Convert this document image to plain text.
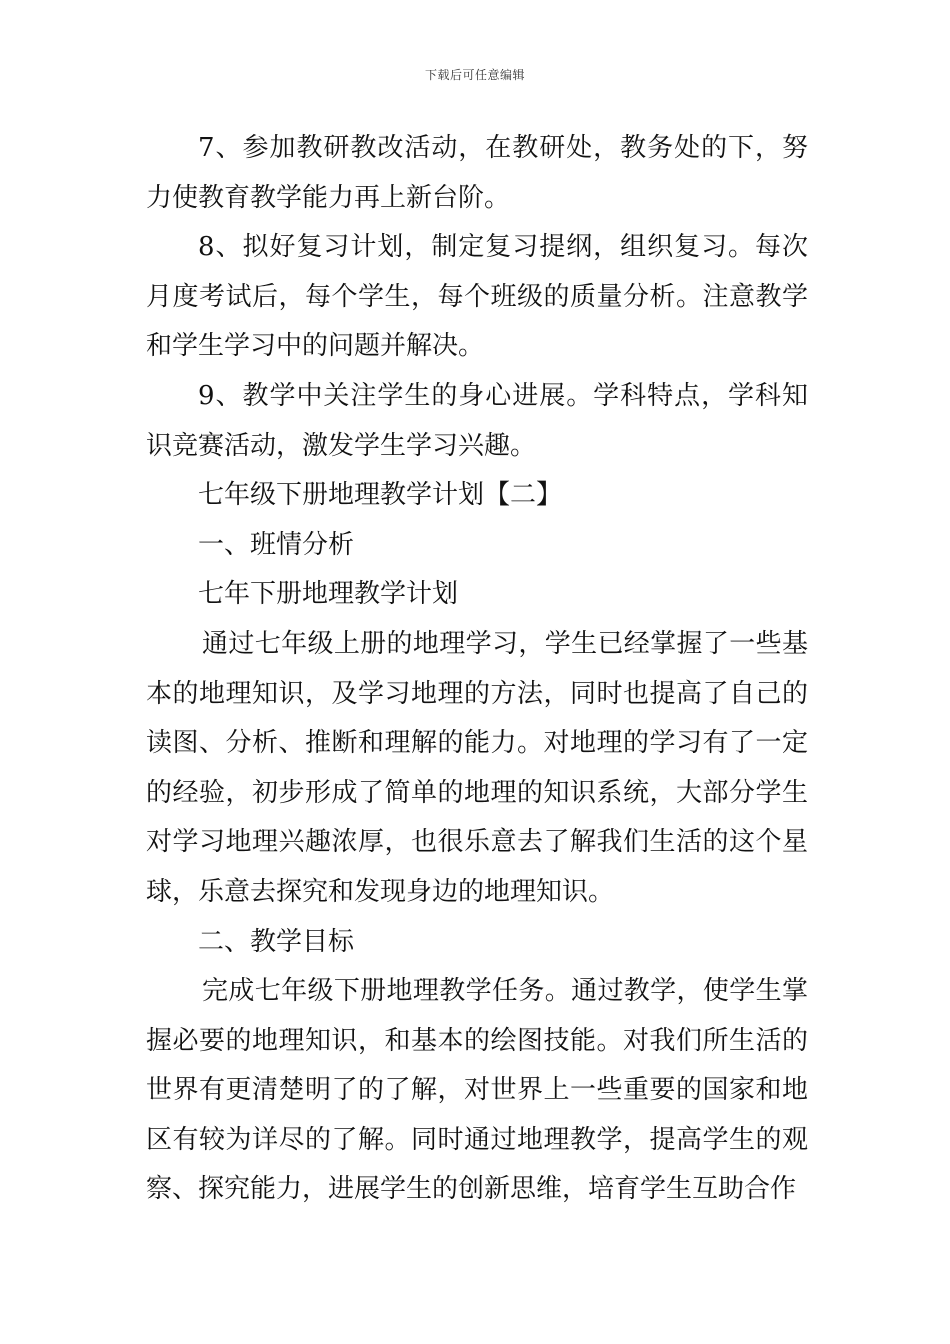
下载后可任意编辑

7、参加教研教改活动，在教研处，教务处的下，努力使教育教学能力再上新台阶。

8、拟好复习计划，制定复习提纲，组织复习。每次月度考试后，每个学生，每个班级的质量分析。注意教学和学生学习中的问题并解决。

9、教学中关注学生的身心进展。学科特点，学科知识竞赛活动，激发学生学习兴趣。

七年级下册地理教学计划【二】

一、班情分析

七年下册地理教学计划

通过七年级上册的地理学习，学生已经掌握了一些基本的地理知识，及学习地理的方法，同时也提高了自己的读图、分析、推断和理解的能力。对地理的学习有了一定的经验，初步形成了简单的地理的知识系统，大部分学生对学习地理兴趣浓厚，也很乐意去了解我们生活的这个星球，乐意去探究和发现身边的地理知识。

二、教学目标

完成七年级下册地理教学任务。通过教学，使学生掌握必要的地理知识，和基本的绘图技能。对我们所生活的世界有更清楚明了的了解，对世界上一些重要的国家和地区有较为详尽的了解。同时通过地理教学，提高学生的观察、探究能力，进展学生的创新思维，培育学生互助合作
